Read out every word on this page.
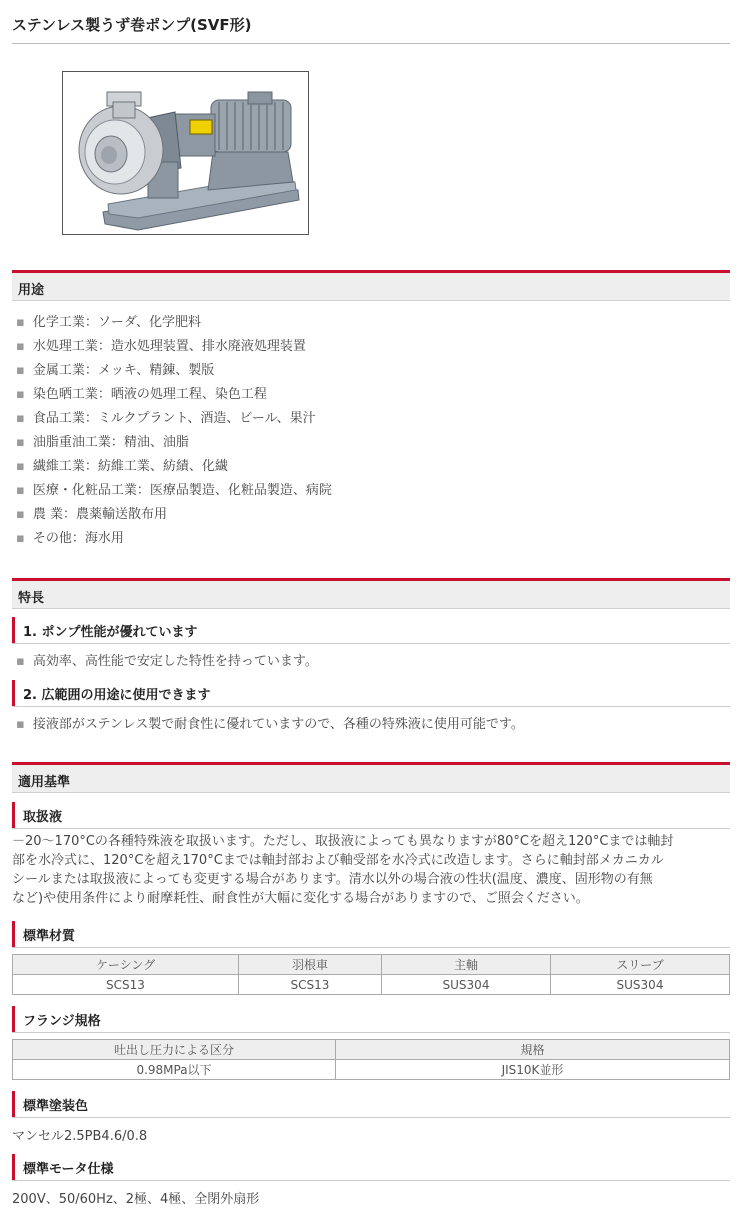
ステンレス製うず巻ポンプ(SVF形)
用途
▪ 化学工業：ソーダ、化学肥料
▪ 水処理工業：造水処理装置、排水廃液処理装置
▪ 金属工業：メッキ、精錬、製版
▪ 染色晒工業：晒液の処理工程、染色工程
▪ 食品工業：ミルクプラント、酒造、ビール、果汁
▪ 油脂重油工業：精油、油脂
▪ 繊維工業：紡維工業、紡績、化繊
▪ 医療・化粧品工業：医療品製造、化粧品製造、病院
▪ 農 業：農薬輸送散布用
▪ その他：海水用
特長
1. ポンプ性能が優れています
▪ 高効率、高性能で安定した特性を持っています。
2. 広範囲の用途に使用できます
▪ 接液部がステンレス製で耐食性に優れていますので、各種の特殊液に使用可能です。
適用基準
取扱液
－20～170°Cの各種特殊液を取扱います。ただし、取扱液によっても異なりますが80°Cを超え120°Cまでは軸封
部を水冷式に、120°Cを超え170°Cまでは軸封部および軸受部を水冷式に改造します。さらに軸封部メカニカル
シールまたは取扱液によっても変更する場合があります。清水以外の場合液の性状(温度、濃度、固形物の有無
など)や使用条件により耐摩耗性、耐食性が大幅に変化する場合がありますので、ご照会ください。
標準材質
ケーシング	羽根車	主軸	スリーブ
SCS13	SCS13	SUS304	SUS304
フランジ規格
吐出し圧力による区分	規格
0.98MPa以下	JIS10K並形
標準塗装色
マンセル2.5PB4.6/0.8
標準モータ仕様
200V、50/60Hz、2極、4極、全閉外扇形
